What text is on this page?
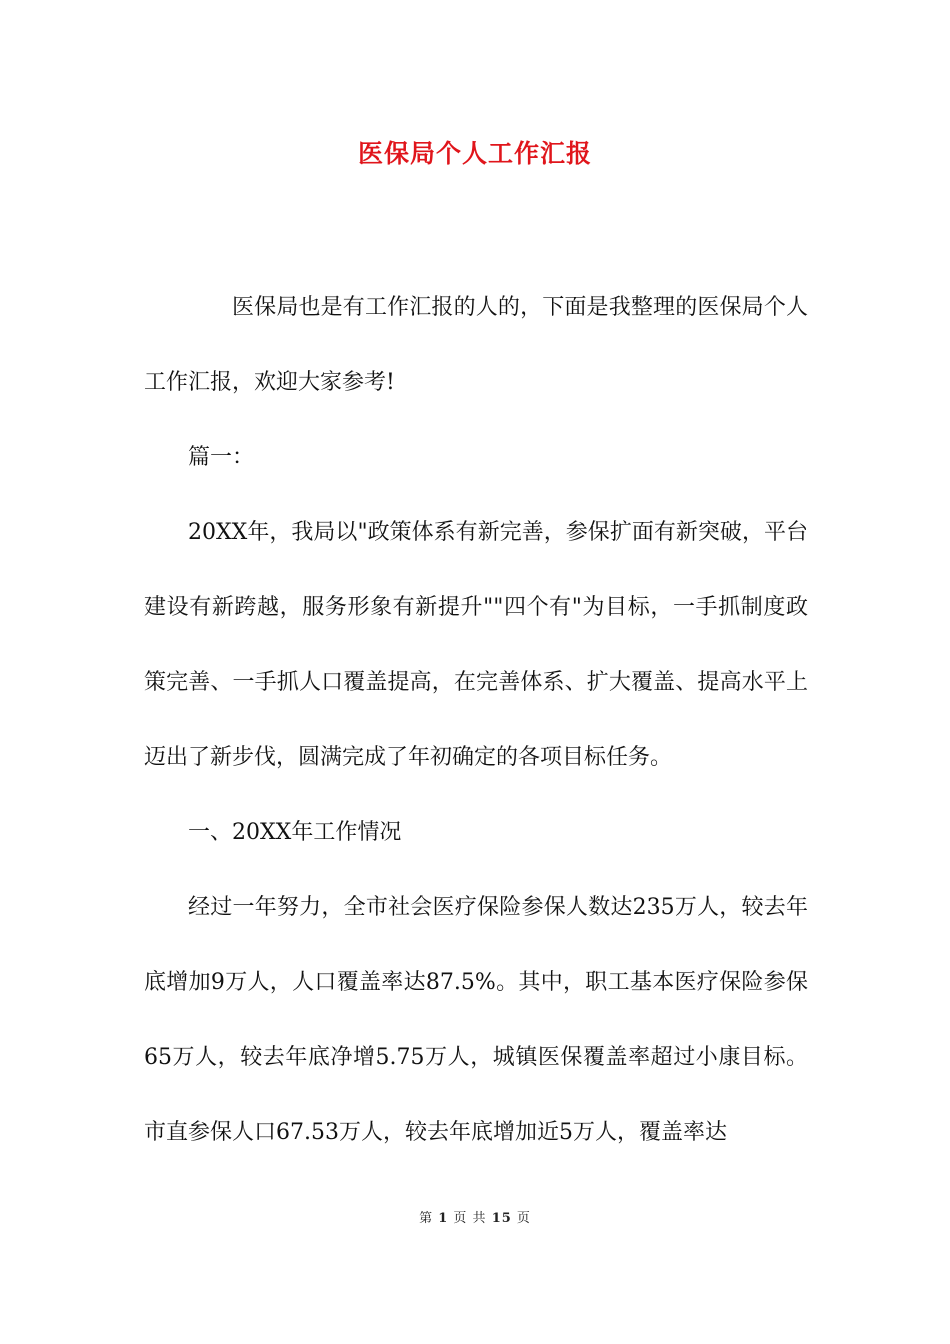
医保局个人工作汇报

医保局也是有工作汇报的人的，下面是我整理的医保局个人工作汇报，欢迎大家参考!

篇一：

20XX年，我局以"政策体系有新完善，参保扩面有新突破，平台建设有新跨越，服务形象有新提升""四个有"为目标，一手抓制度政策完善、一手抓人口覆盖提高，在完善体系、扩大覆盖、提高水平上迈出了新步伐，圆满完成了年初确定的各项目标任务。

一、20XX年工作情况

经过一年努力，全市社会医疗保险参保人数达235万人，较去年底增加9万人，人口覆盖率达87.5%。其中，职工基本医疗保险参保65万人，较去年底净增5.75万人，城镇医保覆盖率超过小康目标。市直参保人口67.53万人，较去年底增加近5万人，覆盖率达

第 1 页 共 15 页
